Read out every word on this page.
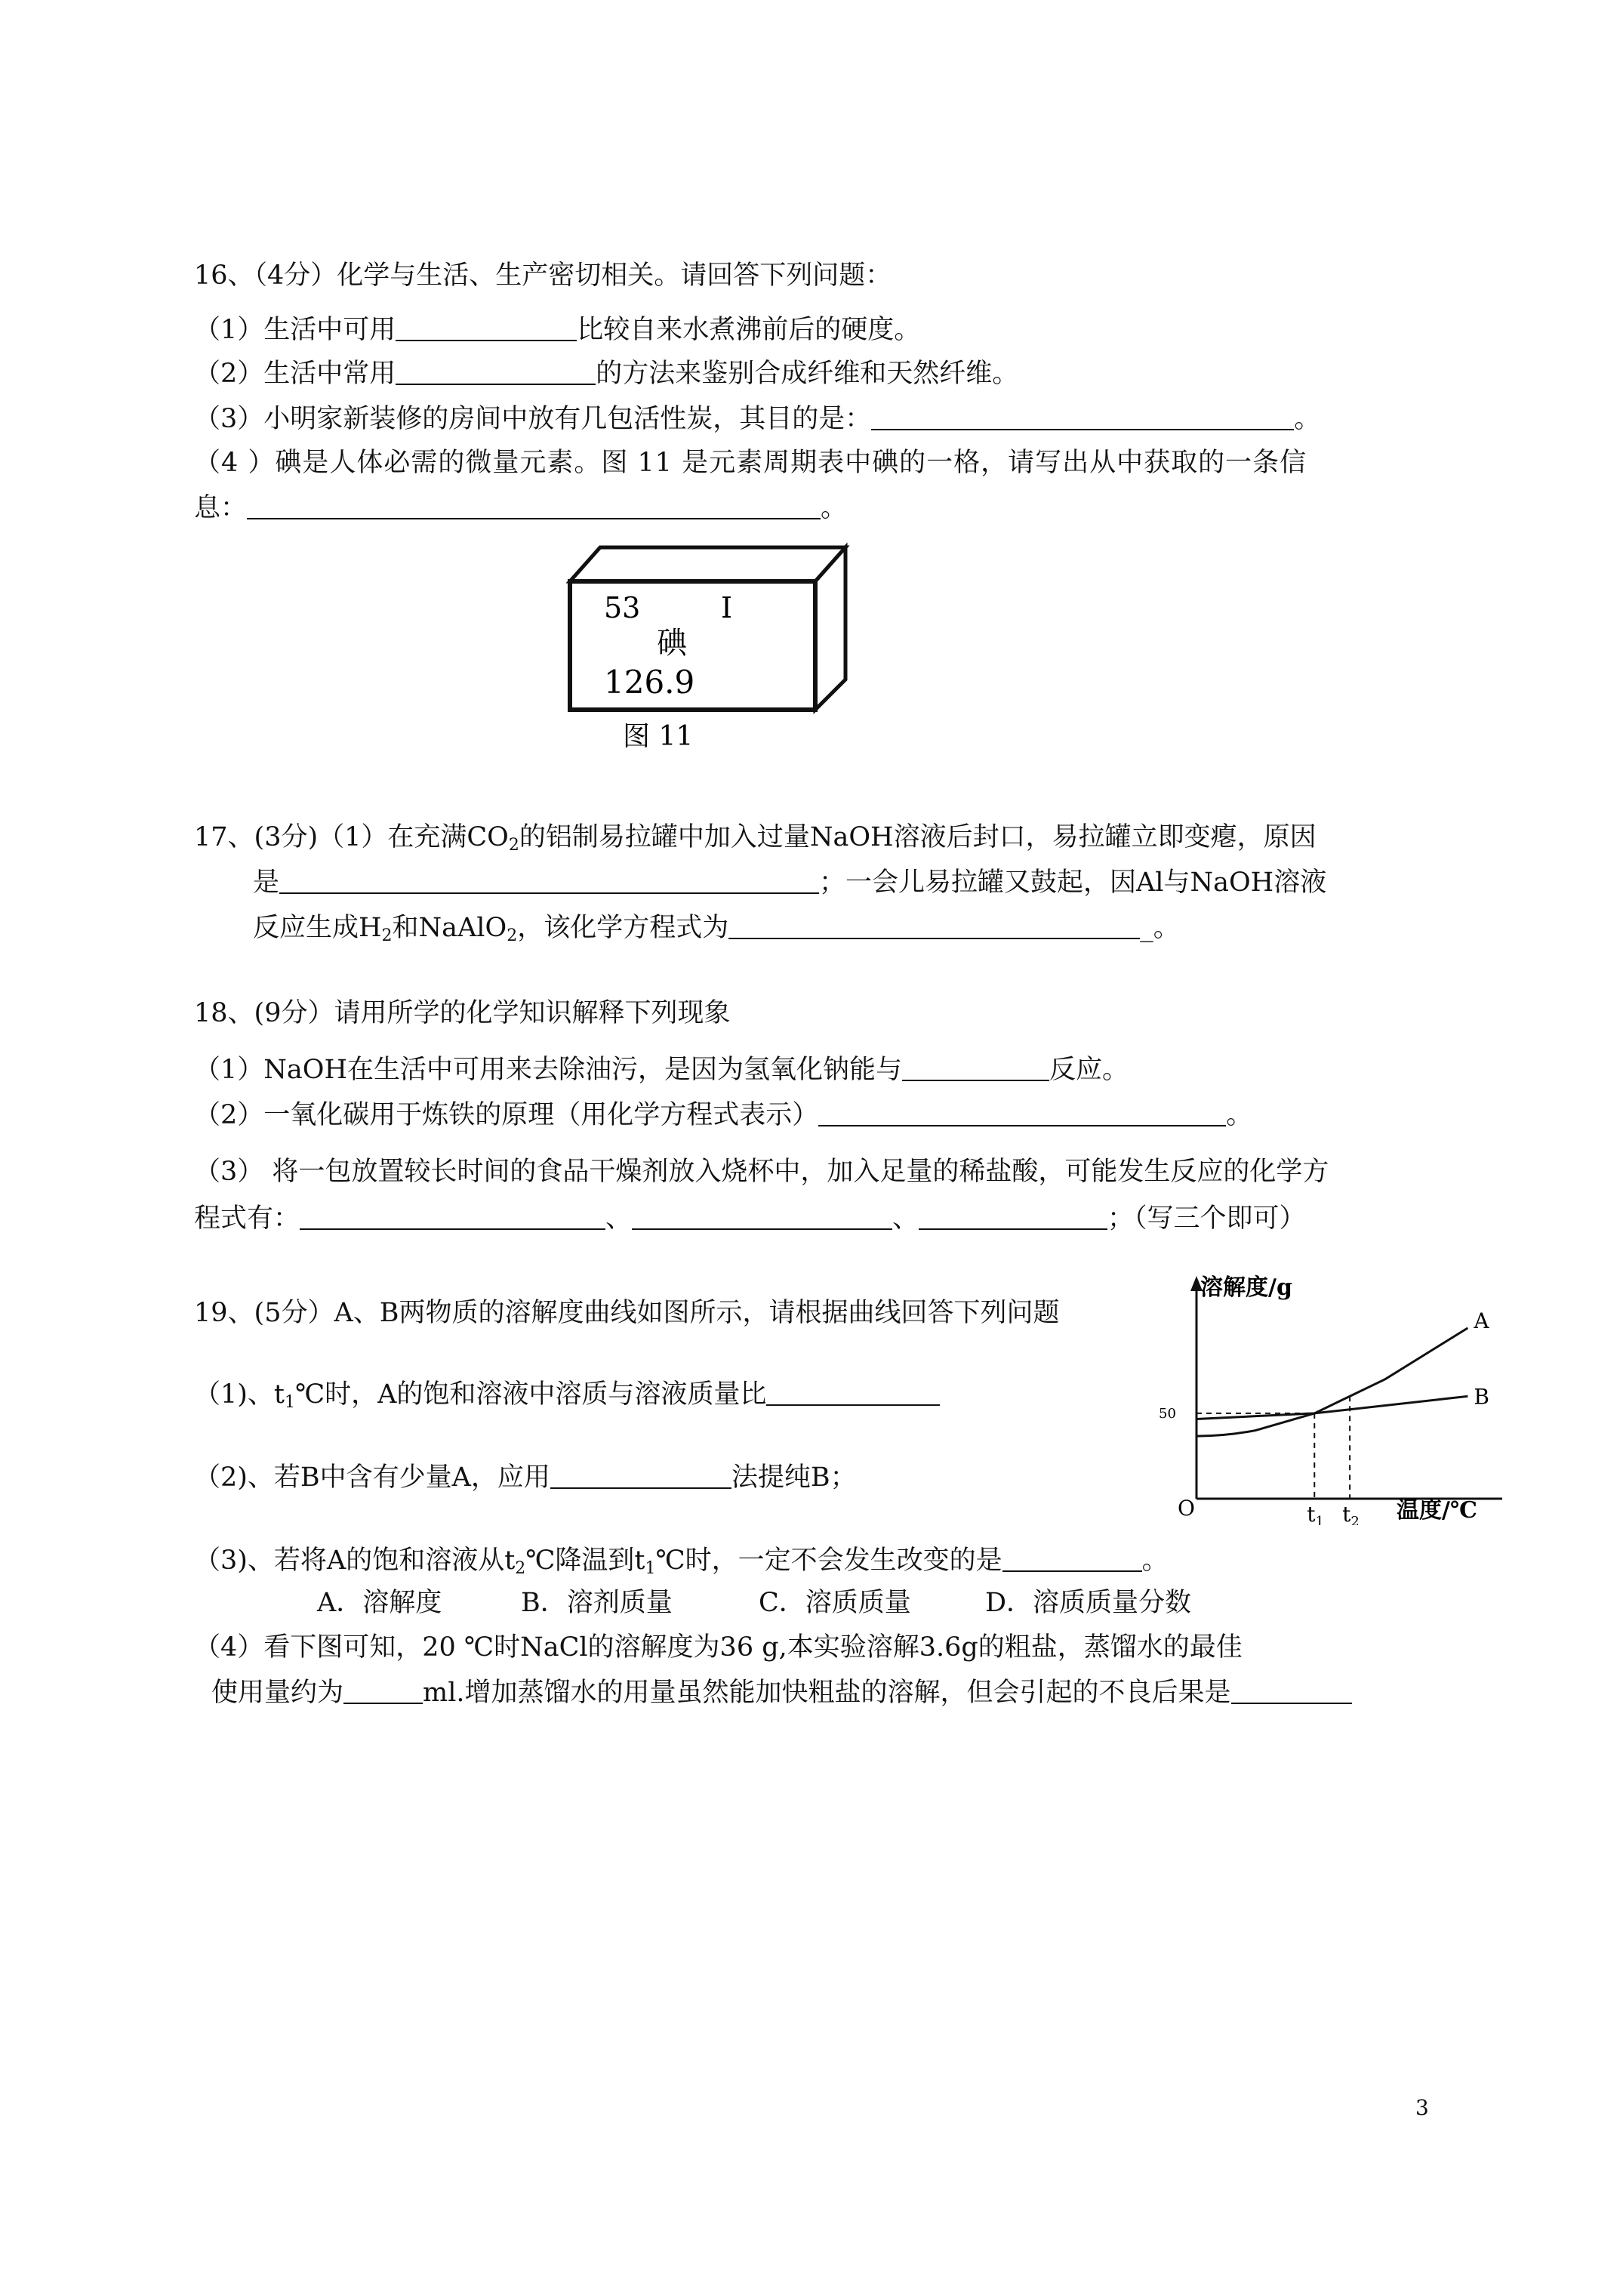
16、（4分）化学与生活、生产密切相关。请回答下列问题：
（1）生活中可用	比较自来水煮沸前后的硬度。
（2）生活中常用	的方法来鉴别合成纤维和天然纤维。
（3）小明家新装修的房间中放有几包活性炭，其目的是：	。
（4 ）碘是人体必需的微量元素。图 11 是元素周期表中碘的一格，请写出从中获取的一条信
息：	。
53	I
碘
126.9
图 11
17、(3分)（1）在充满$CO_2$的铝制易拉罐中加入过量NaOH溶液后封口，易拉罐立即变瘪，原因
是	；一会儿易拉罐又鼓起，因Al与NaOH溶液
反应生成$H_2$和NaAlO$_2$，该化学方程式为	_。
18、(9分）请用所学的化学知识解释下列现象
（1）NaOH在生活中可用来去除油污，是因为氢氧化钠能与	反应。
（2）一氧化碳用于炼铁的原理（用化学方程式表示）	。
（3） 将一包放置较长时间的食品干燥剂放入烧杯中，加入足量的稀盐酸，可能发生反应的化学方
程式有：	、	、	；（写三个即可）
19、(5分）A、B两物质的溶解度曲线如图所示，请根据曲线回答下列问题
（1)、$t_1℃$时，A的饱和溶液中溶质与溶液质量比
（2)、若B中含有少量A，应用	法提纯B；
（3)、若将A的饱和溶液从$t_2℃$降温到$t_1℃$时，一定不会发生改变的是	。
A．溶解度	B．溶剂质量	C．溶质质量	D．溶质质量分数
（4）看下图可知，20 ℃时NaCl的溶解度为36 g,本实验溶解3.6g的粗盐，蒸馏水的最佳
使用量约为	ml.增加蒸馏水的用量虽然能加快粗盐的溶解，但会引起的不良后果是
A
B
溶解度/g
温度/℃
O
50
$t_1$ $t_2$
3
